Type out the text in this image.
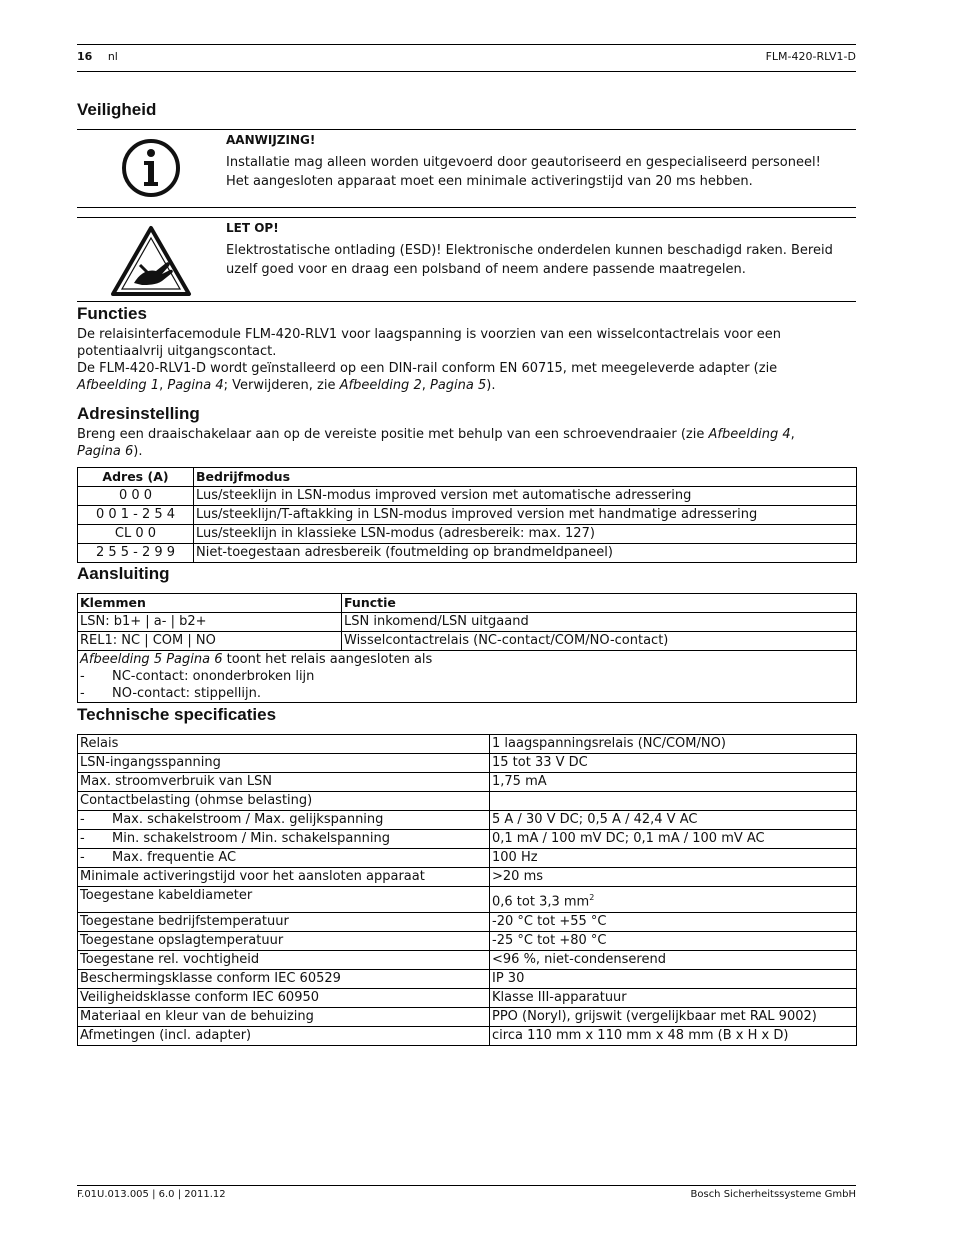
16 nl	FLM-420-RLV1-D
Veiligheid
AANWIJZING!
Installatie mag alleen worden uitgevoerd door geautoriseerd en gespecialiseerd personeel!
Het aangesloten apparaat moet een minimale activeringstijd van 20 ms hebben.
LET OP!
Elektrostatische ontlading (ESD)! Elektronische onderdelen kunnen beschadigd raken. Bereid
uzelf goed voor en draag een polsband of neem andere passende maatregelen.
Functies
De relaisinterfacemodule FLM-420-RLV1 voor laagspanning is voorzien van een wisselcontactrelais voor een
potentiaalvrij uitgangscontact.
De FLM-420-RLV1-D wordt geïnstalleerd op een DIN-rail conform EN 60715, met meegeleverde adapter (zie
Afbeelding 1, Pagina 4; Verwijderen, zie Afbeelding 2, Pagina 5).
Adresinstelling
Breng een draaischakelaar aan op de vereiste positie met behulp van een schroevendraaier (zie Afbeelding 4,
Pagina 6).
Adres (A)	Bedrijfmodus
0 0 0	Lus/steeklijn in LSN-modus improved version met automatische adressering
0 0 1 - 2 5 4	Lus/steeklijn/T-aftakking in LSN-modus improved version met handmatige adressering
CL 0 0	Lus/steeklijn in klassieke LSN-modus (adresbereik: max. 127)
2 5 5 - 2 9 9	Niet-toegestaan adresbereik (foutmelding op brandmeldpaneel)
Aansluiting
Klemmen	Functie
LSN: b1+ | a- | b2+	LSN inkomend/LSN uitgaand
REL1: NC | COM | NO	Wisselcontactrelais (NC-contact/COM/NO-contact)

Afbeelding 5 Pagina 6 toont het relais aangesloten als
- NC-contact: ononderbroken lijn
- NO-contact: stippellijn.	
Technische specificaties
Relais	1 laagspanningsrelais (NC/COM/NO)
LSN-ingangsspanning	15 tot 33 V DC
Max. stroomverbruik van LSN	1,75 mA
Contactbelasting (ohmse belasting)	
- Max. schakelstroom / Max. gelijkspanning	5 A / 30 V DC; 0,5 A / 42,4 V AC
- Min. schakelstroom / Min. schakelspanning	0,1 mA / 100 mV DC; 0,1 mA / 100 mV AC
- Max. frequentie AC	100 Hz
Minimale activeringstijd voor het aansloten apparaat	>20 ms
Toegestane kabeldiameter	0,6 tot 3,3 $mm^2$
Toegestane bedrijfstemperatuur	-20 °C tot +55 °C
Toegestane opslagtemperatuur	-25 °C tot +80 °C
Toegestane rel. vochtigheid	<96 %, niet-condenserend
Beschermingsklasse conform IEC 60529	IP 30
Veiligheidsklasse conform IEC 60950	Klasse III-apparatuur
Materiaal en kleur van de behuizing	PPO (Noryl), grijswit (vergelijkbaar met RAL 9002)
Afmetingen (incl. adapter)	circa 110 mm x 110 mm x 48 mm (B x H x D)
F.01U.013.005 | 6.0 | 2011.12	Bosch Sicherheitssysteme GmbH
